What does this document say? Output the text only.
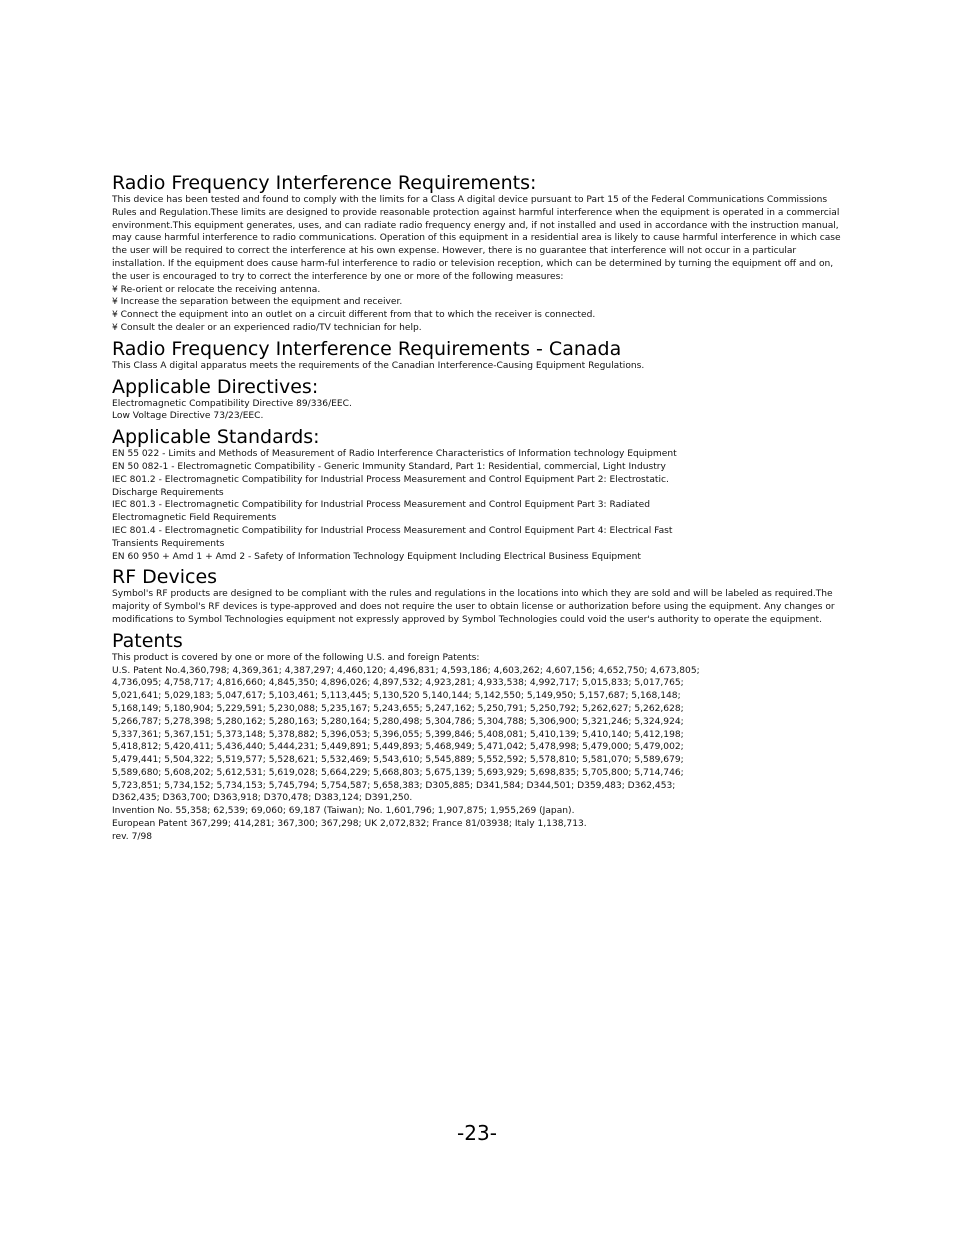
Radio Frequency Interference Requirements:

This device has been tested and found to comply with the limits for a Class A digital device pursuant to Part 15 of the Federal Communications Commissions Rules and Regulation.These limits are designed to provide reasonable protection against harmful interference when the equipment is operated in a commercial environment.This equipment generates, uses, and can radiate radio frequency energy and, if not installed and used in accordance with the instruction manual, may cause harmful interference to radio communications. Operation of this equipment in a residential area is likely to cause harmful interference in which case the user will be required to correct the interference at his own expense. However, there is no guarantee that interference will not occur in a particular installation. If the equipment does cause harm-ful interference to radio or television reception, which can be determined by turning the equipment off and on, the user is encouraged to try to correct the interference by one or more of the following measures:

¥ Re-orient or relocate the receiving antenna.
¥ Increase the separation between the equipment and receiver.
¥ Connect the equipment into an outlet on a circuit different from that to which the receiver is connected.
¥ Consult the dealer or an experienced radio/TV technician for help.
Radio Frequency Interference Requirements - Canada
This Class A digital apparatus meets the requirements of the Canadian Interference-Causing Equipment Regulations.
Applicable Directives:
Electromagnetic Compatibility Directive 89/336/EEC.
Low Voltage Directive 73/23/EEC.
Applicable Standards:
EN 55 022 - Limits and Methods of Measurement of Radio Interference Characteristics of Information technology Equipment
EN 50 082-1 - Electromagnetic Compatibility - Generic Immunity Standard, Part 1: Residential, commercial, Light Industry
IEC 801.2 - Electromagnetic Compatibility for Industrial Process Measurement and Control Equipment Part 2: Electrostatic.
Discharge Requirements
IEC 801.3 - Electromagnetic Compatibility for Industrial Process Measurement and Control Equipment Part 3: Radiated
Electromagnetic Field Requirements
IEC 801.4 - Electromagnetic Compatibility for Industrial Process Measurement and Control Equipment Part 4: Electrical Fast
Transients Requirements
EN 60 950 + Amd 1 + Amd 2 - Safety of Information Technology Equipment Including Electrical Business Equipment
RF Devices

Symbol's RF products are designed to be compliant with the rules and regulations in the locations into which they are sold and will be labeled as required.The majority of Symbol's RF devices is type-approved and does not require the user to obtain license or authorization before using the equipment. Any changes or modifications to Symbol Technologies equipment not expressly approved by Symbol Technologies could void the user's authority to operate the equipment.

Patents
This product is covered by one or more of the following U.S. and foreign Patents:
U.S. Patent No.4,360,798; 4,369,361; 4,387,297; 4,460,120; 4,496,831; 4,593,186; 4,603,262; 4,607,156; 4,652,750; 4,673,805;
4,736,095; 4,758,717; 4,816,660; 4,845,350; 4,896,026; 4,897,532; 4,923,281; 4,933,538; 4,992,717; 5,015,833; 5,017,765;
5,021,641; 5,029,183; 5,047,617; 5,103,461; 5,113,445; 5,130,520 5,140,144; 5,142,550; 5,149,950; 5,157,687; 5,168,148;
5,168,149; 5,180,904; 5,229,591; 5,230,088; 5,235,167; 5,243,655; 5,247,162; 5,250,791; 5,250,792; 5,262,627; 5,262,628;
5,266,787; 5,278,398; 5,280,162; 5,280,163; 5,280,164; 5,280,498; 5,304,786; 5,304,788; 5,306,900; 5,321,246; 5,324,924;
5,337,361; 5,367,151; 5,373,148; 5,378,882; 5,396,053; 5,396,055; 5,399,846; 5,408,081; 5,410,139; 5,410,140; 5,412,198;
5,418,812; 5,420,411; 5,436,440; 5,444,231; 5,449,891; 5,449,893; 5,468,949; 5,471,042; 5,478,998; 5,479,000; 5,479,002;
5,479,441; 5,504,322; 5,519,577; 5,528,621; 5,532,469; 5,543,610; 5,545,889; 5,552,592; 5,578,810; 5,581,070; 5,589,679;
5,589,680; 5,608,202; 5,612,531; 5,619,028; 5,664,229; 5,668,803; 5,675,139; 5,693,929; 5,698,835; 5,705,800; 5,714,746;
5,723,851; 5,734,152; 5,734,153; 5,745,794; 5,754,587; 5,658,383; D305,885; D341,584; D344,501; D359,483; D362,453;
D362,435; D363,700; D363,918; D370,478; D383,124; D391,250.
Invention No. 55,358; 62,539; 69,060; 69,187 (Taiwan); No. 1,601,796; 1,907,875; 1,955,269 (Japan).
European Patent 367,299; 414,281; 367,300; 367,298; UK 2,072,832; France 81/03938; Italy 1,138,713.
rev. 7/98
-23-
